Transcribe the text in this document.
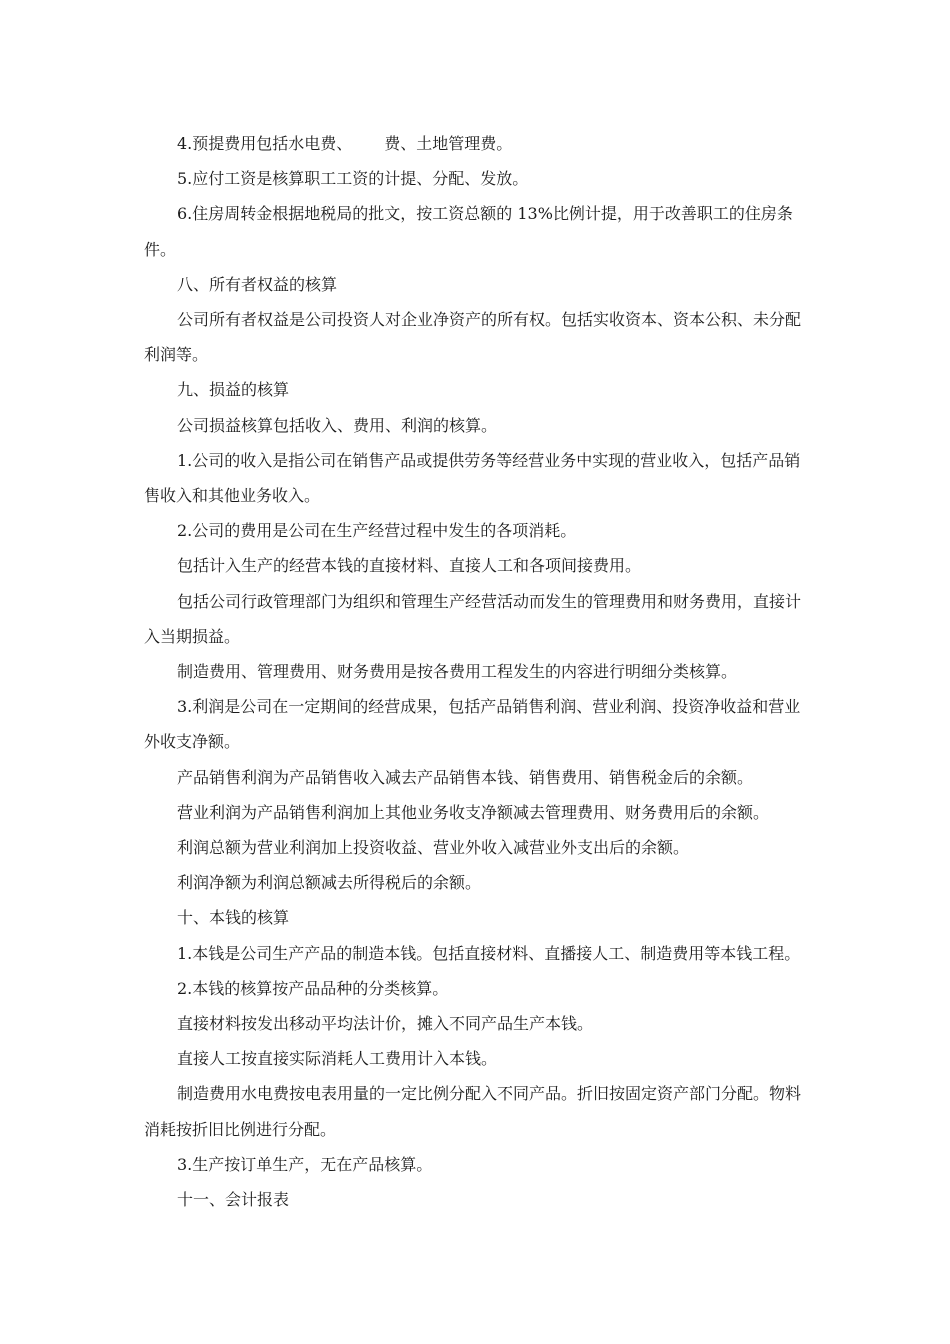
4.预提费用包括水电费、 费、土地管理费。

5.应付工资是核算职工工资的计提、分配、发放。

6.住房周转金根据地税局的批文，按工资总额的 13%比例计提，用于改善职工的住房条件。

八、所有者权益的核算

公司所有者权益是公司投资人对企业净资产的所有权。包括实收资本、资本公积、未分配利润等。

九、损益的核算

公司损益核算包括收入、费用、利润的核算。

1.公司的收入是指公司在销售产品或提供劳务等经营业务中实现的营业收入，包括产品销售收入和其他业务收入。

2.公司的费用是公司在生产经营过程中发生的各项消耗。

包括计入生产的经营本钱的直接材料、直接人工和各项间接费用。

包括公司行政管理部门为组织和管理生产经营活动而发生的管理费用和财务费用，直接计入当期损益。

制造费用、管理费用、财务费用是按各费用工程发生的内容进行明细分类核算。

3.利润是公司在一定期间的经营成果，包括产品销售利润、营业利润、投资净收益和营业外收支净额。

产品销售利润为产品销售收入减去产品销售本钱、销售费用、销售税金后的余额。

营业利润为产品销售利润加上其他业务收支净额减去管理费用、财务费用后的余额。

利润总额为营业利润加上投资收益、营业外收入减营业外支出后的余额。

利润净额为利润总额减去所得税后的余额。

十、本钱的核算

1.本钱是公司生产产品的制造本钱。包括直接材料、直播接人工、制造费用等本钱工程。

2.本钱的核算按产品品种的分类核算。

直接材料按发出移动平均法计价，摊入不同产品生产本钱。

直接人工按直接实际消耗人工费用计入本钱。

制造费用水电费按电表用量的一定比例分配入不同产品。折旧按固定资产部门分配。物料消耗按折旧比例进行分配。

3.生产按订单生产，无在产品核算。

十一、会计报表
